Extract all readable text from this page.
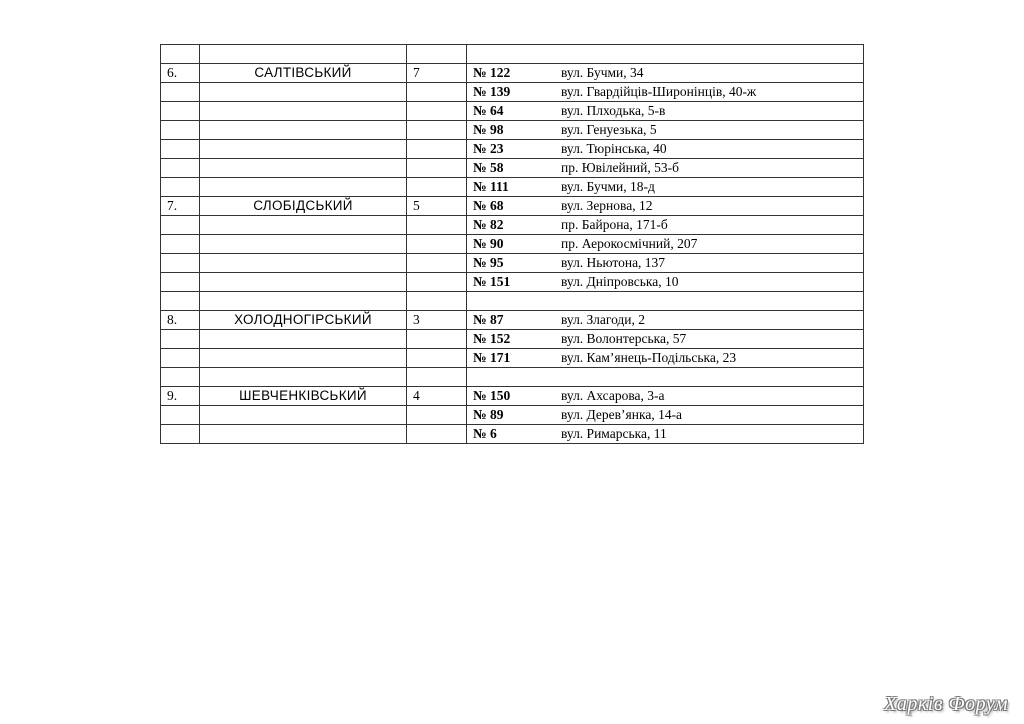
6.	САЛТІВСЬКИЙ	7	№ 122 вул. Бучми, 34
			№ 139 вул. Гвардійців-Широнінців, 40-ж
			№ 64 вул. Плходька, 5-в
			№ 98 вул. Генуезька, 5
			№ 23 вул. Тюрінська, 40
			№ 58 пр. Ювілейний, 53-б
			№ 111 вул. Бучми, 18-д
7.	СЛОБІДСЬКИЙ	5	№ 68 вул. Зернова, 12
			№ 82 пр. Байрона, 171-б
			№ 90 пр. Аерокосмічний, 207
			№ 95 вул. Ньютона, 137
			№ 151 вул. Дніпровська, 10

8.	ХОЛОДНОГІРСЬКИЙ	3	№ 87 вул. Злагоди, 2
			№ 152 вул. Волонтерська, 57
			№ 171 вул. Кам’янець-Подільська, 23

9.	ШЕВЧЕНКІВСЬКИЙ	4	№ 150 вул. Ахсарова, 3-а
			№ 89 вул. Дерев’янка, 14-а
			№ 6 вул. Римарська, 11
Харків Форум
